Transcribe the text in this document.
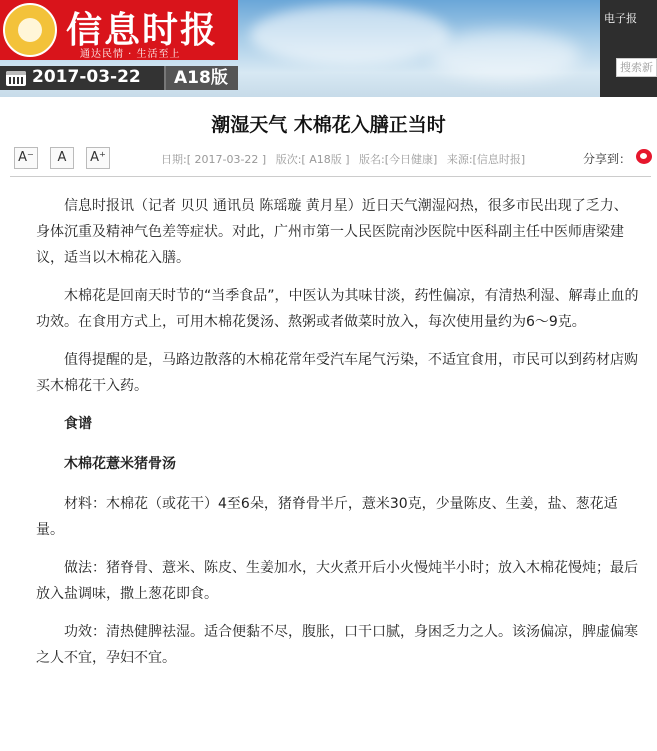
信息时报
通达民情 · 生活至上
2017-03-22	A18版
电子报
搜索新
潮湿天气 木棉花入膳正当时
A⁻	A	A⁺	日期:[ 2017-03-22 ] 版次:[ A18版 ] 版名:[今日健康] 来源:[信息时报]	分享到：

信息时报讯（记者 贝贝 通讯员 陈瑶璇 黄月星）近日天气潮湿闷热，很多市民出现了乏力、身体沉重及精神气色差等症状。对此，广州市第一人民医院南沙医院中医科副主任中医师唐梁建议，适当以木棉花入膳。

木棉花是回南天时节的“当季食品”，中医认为其味甘淡，药性偏凉，有清热利湿、解毒止血的功效。在食用方式上，可用木棉花煲汤、熬粥或者做菜时放入，每次使用量约为6～9克。

值得提醒的是，马路边散落的木棉花常年受汽车尾气污染，不适宜食用，市民可以到药材店购买木棉花干入药。

食谱

木棉花薏米猪骨汤

材料：木棉花（或花干）4至6朵，猪脊骨半斤，薏米30克，少量陈皮、生姜，盐、葱花适量。

做法：猪脊骨、薏米、陈皮、生姜加水，大火煮开后小火慢炖半小时；放入木棉花慢炖；最后放入盐调味，撒上葱花即食。

功效：清热健脾祛湿。适合便黏不尽，腹胀，口干口腻，身困乏力之人。该汤偏凉，脾虚偏寒之人不宜，孕妇不宜。
